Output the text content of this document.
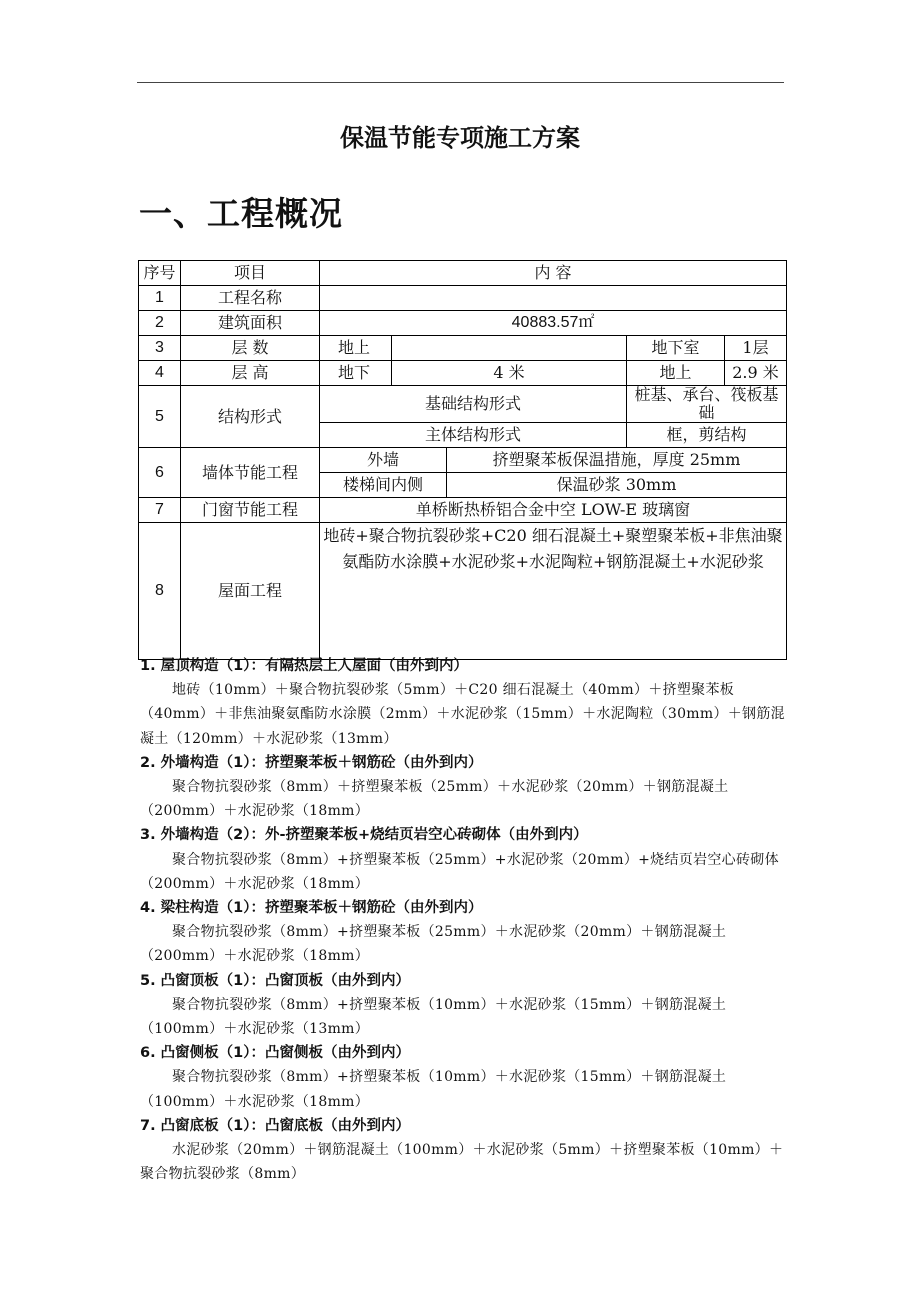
保温节能专项施工方案
一、工程概况
序号	项目	内 容				
1	工程名称					
2	建筑面积	40883.57㎡				
3	层 数	地上			地下室	1层
4	层 高	地下	4 米		地上	2.9 米
5	结构形式	基础结构形式			桩基、承台、筏板基础	
		主体结构形式			框，剪结构	
6	墙体节能工程	外墙		挤塑聚苯板保温措施，厚度 25mm		
		楼梯间内侧		保温砂浆 30mm		
7	门窗节能工程	单桥断热桥铝合金中空 LOW-E 玻璃窗				
8	屋面工程	地砖+聚合物抗裂砂浆+C20 细石混凝土+聚塑聚苯板+非焦油聚氨酯防水涂膜+水泥砂浆+水泥陶粒+钢筋混凝土+水泥砂浆				

1. 屋顶构造（1）：有隔热层上人屋面（由外到内）

地砖（10mm）＋聚合物抗裂砂浆（5mm）＋C20 细石混凝土（40mm）＋挤塑聚苯板（40mm）＋非焦油聚氨酯防水涂膜（2mm）＋水泥砂浆（15mm）＋水泥陶粒（30mm）＋钢筋混凝土（120mm）＋水泥砂浆（13mm）

2. 外墙构造（1）：挤塑聚苯板＋钢筋砼（由外到内）

聚合物抗裂砂浆（8mm）＋挤塑聚苯板（25mm）＋水泥砂浆（20mm）＋钢筋混凝土（200mm）＋水泥砂浆（18mm）

3. 外墙构造（2）：外-挤塑聚苯板+烧结页岩空心砖砌体（由外到内）

聚合物抗裂砂浆（8mm）+挤塑聚苯板（25mm）+水泥砂浆（20mm）+烧结页岩空心砖砌体（200mm）＋水泥砂浆（18mm）

4. 梁柱构造（1）：挤塑聚苯板＋钢筋砼（由外到内）

聚合物抗裂砂浆（8mm）+挤塑聚苯板（25mm）＋水泥砂浆（20mm）＋钢筋混凝土（200mm）＋水泥砂浆（18mm）

5. 凸窗顶板（1）：凸窗顶板（由外到内）

聚合物抗裂砂浆（8mm）+挤塑聚苯板（10mm）＋水泥砂浆（15mm）＋钢筋混凝土（100mm）＋水泥砂浆（13mm）

6. 凸窗侧板（1）：凸窗侧板（由外到内）

聚合物抗裂砂浆（8mm）+挤塑聚苯板（10mm）＋水泥砂浆（15mm）＋钢筋混凝土（100mm）＋水泥砂浆（18mm）

7. 凸窗底板（1）：凸窗底板（由外到内）

水泥砂浆（20mm）＋钢筋混凝土（100mm）＋水泥砂浆（5mm）＋挤塑聚苯板（10mm）＋聚合物抗裂砂浆（8mm）
